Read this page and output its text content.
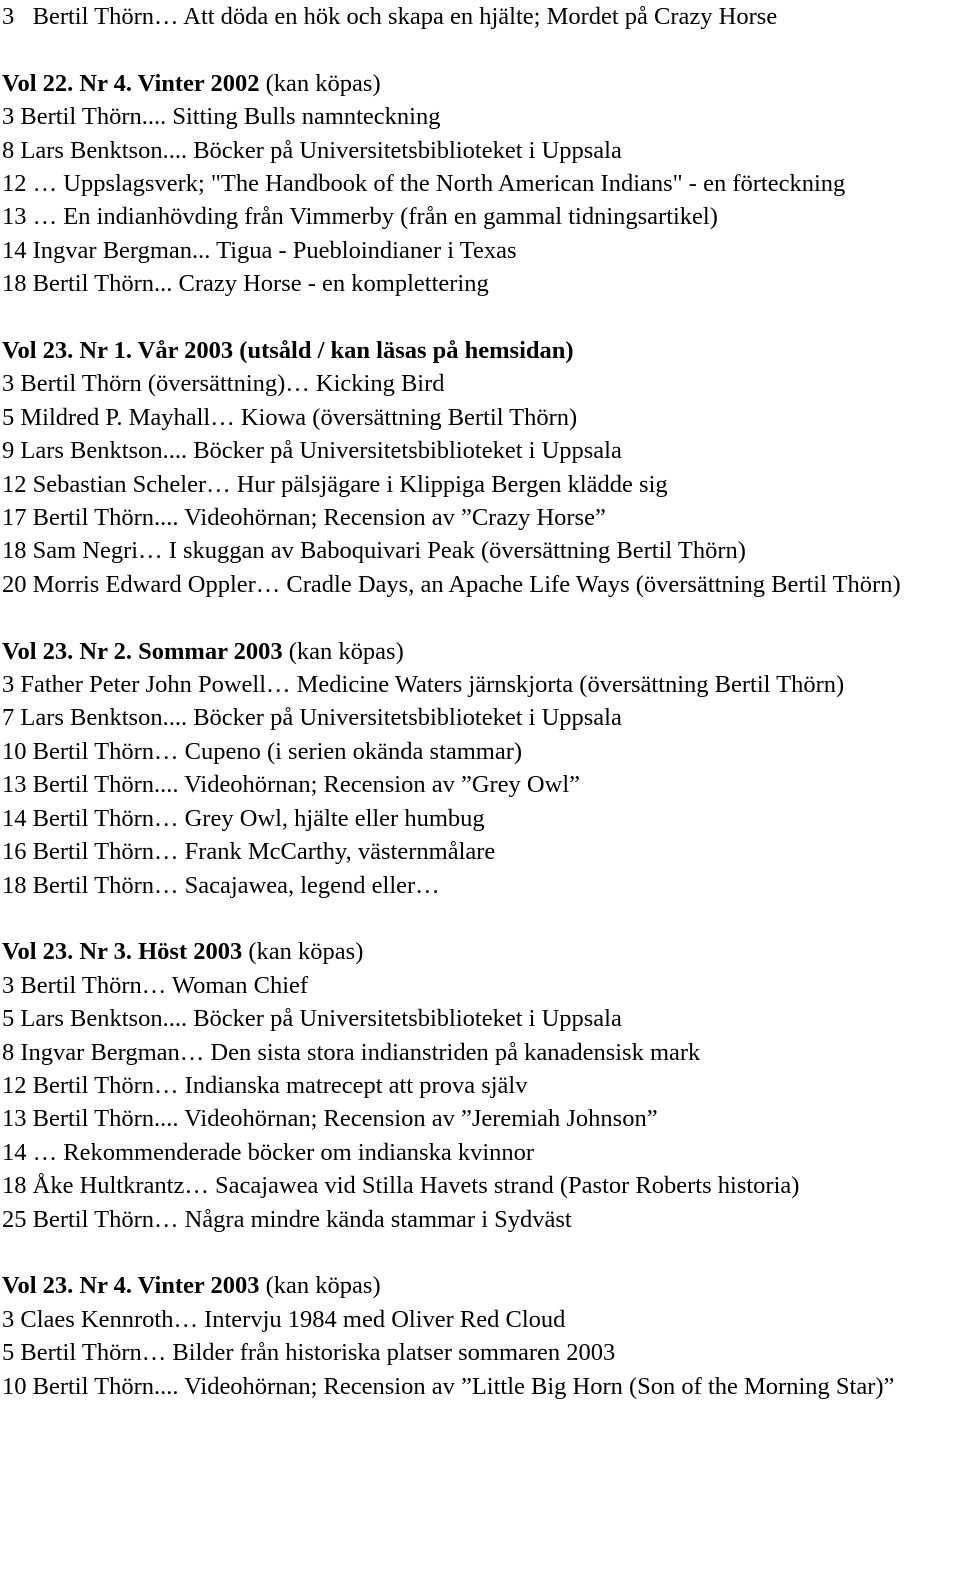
3   Bertil Thörn… Att döda en hök och skapa en hjälte; Mordet på Crazy Horse
Vol 22. Nr 4. Vinter 2002 (kan köpas)
3 Bertil Thörn.... Sitting Bulls namnteckning
8 Lars Benktson.... Böcker på Universitetsbiblioteket i Uppsala
12 … Uppslagsverk; "The Handbook of the North American Indians" - en förteckning
13 … En indianhövding från Vimmerby (från en gammal tidningsartikel)
14 Ingvar Bergman... Tigua - Puebloindianer i Texas
18 Bertil Thörn... Crazy Horse - en komplettering
Vol 23. Nr 1. Vår 2003 (utsåld / kan läsas på hemsidan)
3 Bertil Thörn (översättning)… Kicking Bird
5 Mildred P. Mayhall… Kiowa (översättning Bertil Thörn)
9 Lars Benktson.... Böcker på Universitetsbiblioteket i Uppsala
12 Sebastian Scheler… Hur pälsjägare i Klippiga Bergen klädde sig
17 Bertil Thörn.... Videohörnan; Recension av ”Crazy Horse”
18 Sam Negri… I skuggan av Baboquivari Peak (översättning Bertil Thörn)
20 Morris Edward Oppler… Cradle Days, an Apache Life Ways (översättning Bertil Thörn)
Vol 23. Nr 2. Sommar 2003 (kan köpas)
3 Father Peter John Powell… Medicine Waters järnskjorta (översättning Bertil Thörn)
7 Lars Benktson.... Böcker på Universitetsbiblioteket i Uppsala
10 Bertil Thörn… Cupeno (i serien okända stammar)
13 Bertil Thörn.... Videohörnan; Recension av ”Grey Owl”
14 Bertil Thörn… Grey Owl, hjälte eller humbug
16 Bertil Thörn… Frank McCarthy, västernmålare
18 Bertil Thörn… Sacajawea, legend eller…
Vol 23. Nr 3. Höst 2003 (kan köpas)
3 Bertil Thörn… Woman Chief
5 Lars Benktson.... Böcker på Universitetsbiblioteket i Uppsala
8 Ingvar Bergman… Den sista stora indianstriden på kanadensisk mark
12 Bertil Thörn… Indianska matrecept att prova själv
13 Bertil Thörn.... Videohörnan; Recension av ”Jeremiah Johnson”
14 … Rekommenderade böcker om indianska kvinnor
18 Åke Hultkrantz… Sacajawea vid Stilla Havets strand (Pastor Roberts historia)
25 Bertil Thörn… Några mindre kända stammar i Sydväst
Vol 23. Nr 4. Vinter 2003 (kan köpas)
3 Claes Kennroth… Intervju 1984 med Oliver Red Cloud
5 Bertil Thörn… Bilder från historiska platser sommaren 2003
10 Bertil Thörn.... Videohörnan; Recension av ”Little Big Horn (Son of the Morning Star)”
